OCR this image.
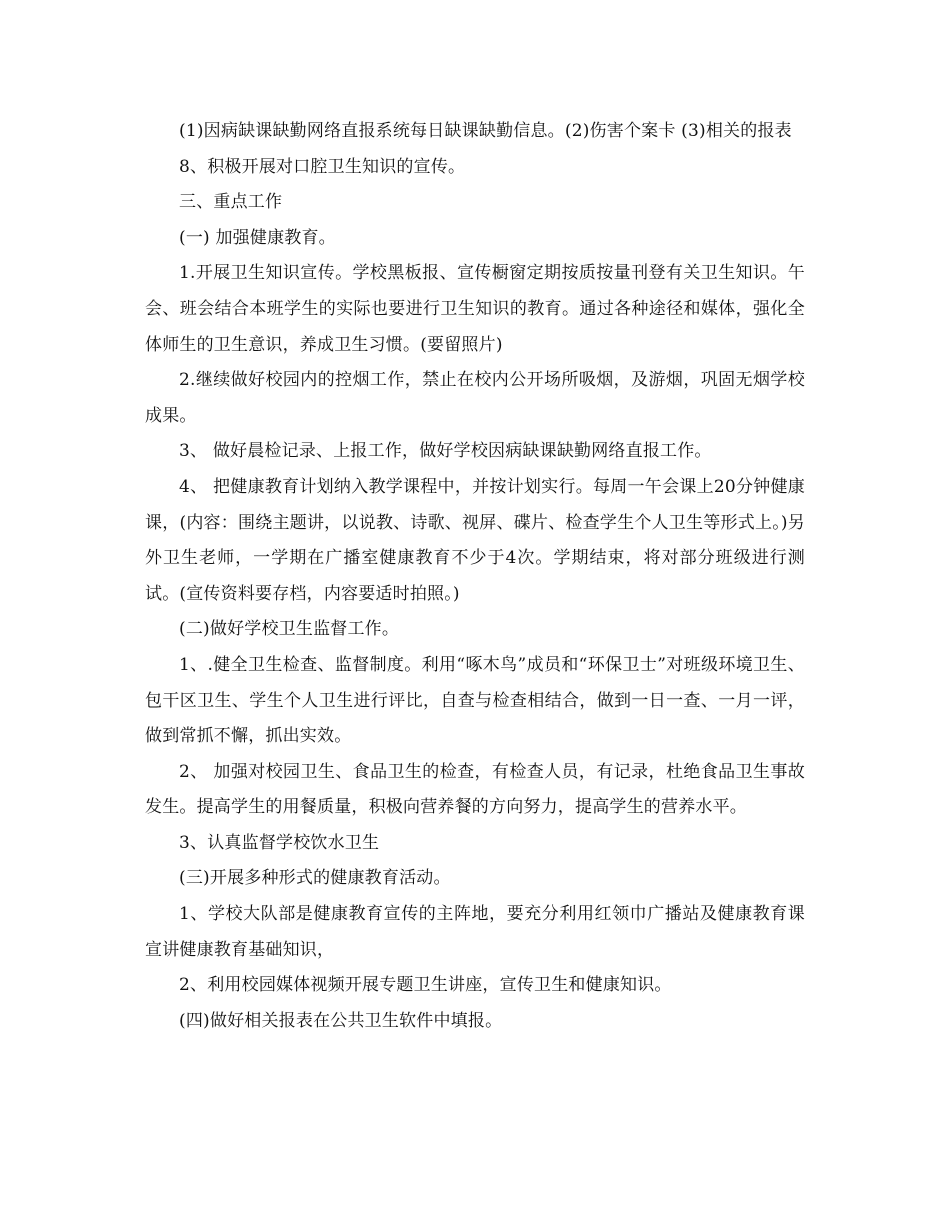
(1)因病缺课缺勤网络直报系统每日缺课缺勤信息。(2)伤害个案卡 (3)相关的报表

8、积极开展对口腔卫生知识的宣传。

三、重点工作

(一) 加强健康教育。

1.开展卫生知识宣传。学校黑板报、宣传橱窗定期按质按量刊登有关卫生知识。午会、班会结合本班学生的实际也要进行卫生知识的教育。通过各种途径和媒体，强化全体师生的卫生意识，养成卫生习惯。(要留照片)

2.继续做好校园内的控烟工作，禁止在校内公开场所吸烟，及游烟，巩固无烟学校成果。

3、 做好晨检记录、上报工作，做好学校因病缺课缺勤网络直报工作。

4、 把健康教育计划纳入教学课程中，并按计划实行。每周一午会课上20分钟健康课，(内容：围绕主题讲，以说教、诗歌、视屏、碟片、检查学生个人卫生等形式上。)另外卫生老师，一学期在广播室健康教育不少于4次。学期结束，将对部分班级进行测试。(宣传资料要存档，内容要适时拍照。)

(二)做好学校卫生监督工作。

1、.健全卫生检查、监督制度。利用“啄木鸟”成员和“环保卫士”对班级环境卫生、包干区卫生、学生个人卫生进行评比，自查与检查相结合，做到一日一查、一月一评，做到常抓不懈，抓出实效。

2、 加强对校园卫生、食品卫生的检查，有检查人员，有记录，杜绝食品卫生事故发生。提高学生的用餐质量，积极向营养餐的方向努力，提高学生的营养水平。

3、认真监督学校饮水卫生

(三)开展多种形式的健康教育活动。

1、学校大队部是健康教育宣传的主阵地，要充分利用红领巾广播站及健康教育课宣讲健康教育基础知识，

2、利用校园媒体视频开展专题卫生讲座，宣传卫生和健康知识。

(四)做好相关报表在公共卫生软件中填报。
